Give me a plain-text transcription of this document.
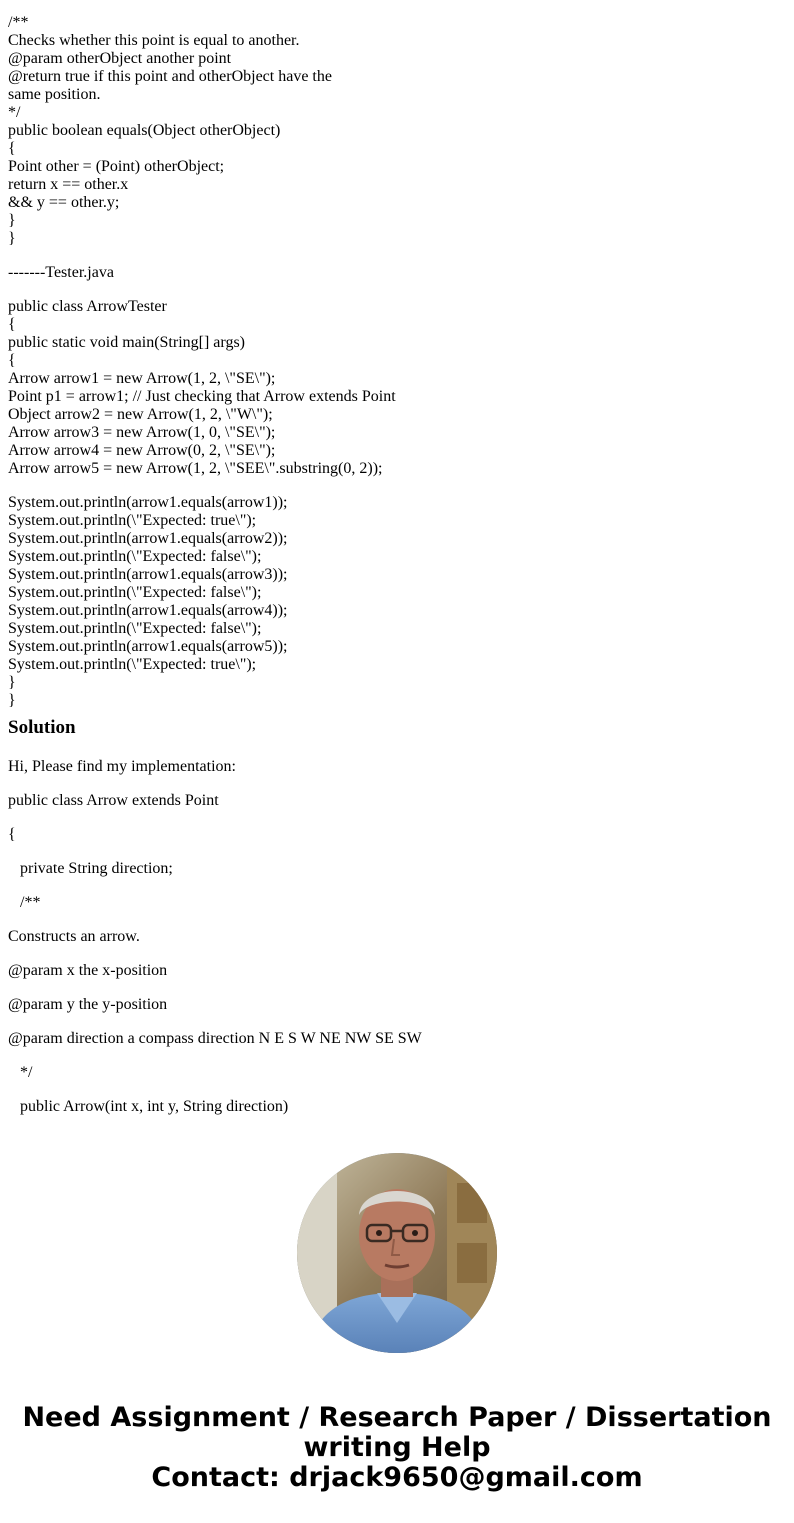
/**
Checks whether this point is equal to another.
@param otherObject another point
@return true if this point and otherObject have the
same position.
*/
public boolean equals(Object otherObject)
{
Point other = (Point) otherObject;
return x == other.x
&& y == other.y;
}
}
-------Tester.java
public class ArrowTester
{
public static void main(String[] args)
{
Arrow arrow1 = new Arrow(1, 2, \"SE\");
Point p1 = arrow1; // Just checking that Arrow extends Point
Object arrow2 = new Arrow(1, 2, \"W\");
Arrow arrow3 = new Arrow(1, 0, \"SE\");
Arrow arrow4 = new Arrow(0, 2, \"SE\");
Arrow arrow5 = new Arrow(1, 2, \"SEE\".substring(0, 2));
System.out.println(arrow1.equals(arrow1));
System.out.println(\"Expected: true\");
System.out.println(arrow1.equals(arrow2));
System.out.println(\"Expected: false\");
System.out.println(arrow1.equals(arrow3));
System.out.println(\"Expected: false\");
System.out.println(arrow1.equals(arrow4));
System.out.println(\"Expected: false\");
System.out.println(arrow1.equals(arrow5));
System.out.println(\"Expected: true\");
}
}
Solution

Hi, Please find my implementation:

public class Arrow extends Point

{

private String direction;

/**

Constructs an arrow.

@param x the x-position

@param y the y-position

@param direction a compass direction N E S W NE NW SE SW

*/

public Arrow(int x, int y, String direction)

Need Assignment / Research Paper / Dissertation
writing Help
Contact: drjack9650@gmail.com
